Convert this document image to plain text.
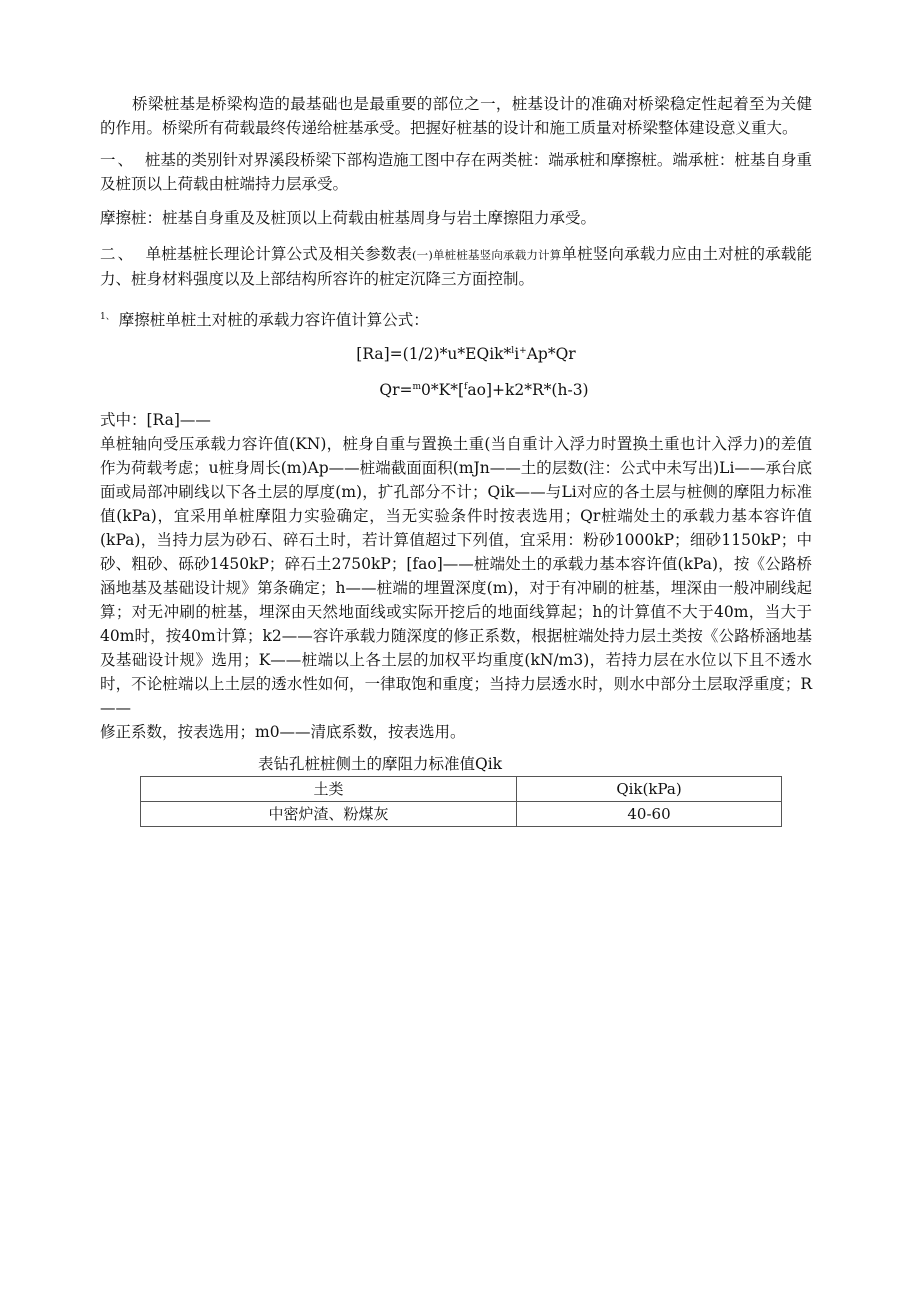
桥梁桩基是桥梁构造的最基础也是最重要的部位之一，桩基设计的准确对桥梁稳定性起着至为关健的作用。桥梁所有荷载最终传递给桩基承受。把握好桩基的设计和施工质量对桥梁整体建设意义重大。

一、 桩基的类别针对界溪段桥梁下部构造施工图中存在两类桩：端承桩和摩擦桩。端承桩：桩基自身重及桩顶以上荷载由桩端持力层承受。

摩擦桩：桩基自身重及及桩顶以上荷载由桩基周身与岩土摩擦阻力承受。

二、 单桩基桩长理论计算公式及相关参数表(一)单桩桩基竖向承载力计算单桩竖向承载力应由土对桩的承载能力、桩身材料强度以及上部结构所容许的桩定沉降三方面控制。

$^{1、}$ 摩擦桩单桩土对桩的承载力容许值计算公式：

[Ra]=(1/2)*u*EQik*$^l$i+Ap*Qr

Qr=$^m$0*K*[$^f$ao]+k2*R*(h-3)

式中：[Ra]——

单桩轴向受压承载力容许值(KN)，桩身自重与置换土重(当自重计入浮力时置换土重也计入浮力)的差值作为荷载考虑；u桩身周长(m)Ap——桩端截面面积(mJn——土的层数(注：公式中未写出)Li——承台底面或局部冲刷线以下各土层的厚度(m)，扩孔部分不计；Qik——与Li对应的各土层与桩侧的摩阻力标准值(kPa)，宜采用单桩摩阻力实验确定，当无实验条件时按表选用；Qr桩端处土的承载力基本容许值(kPa)，当持力层为砂石、碎石土时，若计算值超过下列值，宜采用：粉砂1000kP；细砂1150kP；中砂、粗砂、砾砂1450kP；碎石土2750kP；[fao]——桩端处土的承载力基本容许值(kPa)，按《公路桥涵地基及基础设计规》第条确定；h——桩端的埋置深度(m)，对于有冲刷的桩基，埋深由一般冲刷线起算；对无冲刷的桩基，埋深由天然地面线或实际开挖后的地面线算起；h的计算值不大于40m，当大于40m时，按40m计算；k2——容许承载力随深度的修正系数，根据桩端处持力层土类按《公路桥涵地基及基础设计规》选用；K——桩端以上各土层的加权平均重度(kN/m3)，若持力层在水位以下且不透水时，不论桩端以上土层的透水性如何，一律取饱和重度；当持力层透水时，则水中部分土层取浮重度；R——

修正系数，按表选用；m0——清底系数，按表选用。

表钻孔桩桩侧土的摩阻力标准值Qik

土类	Qik(kPa)
中密炉渣、粉煤灰	40-60
